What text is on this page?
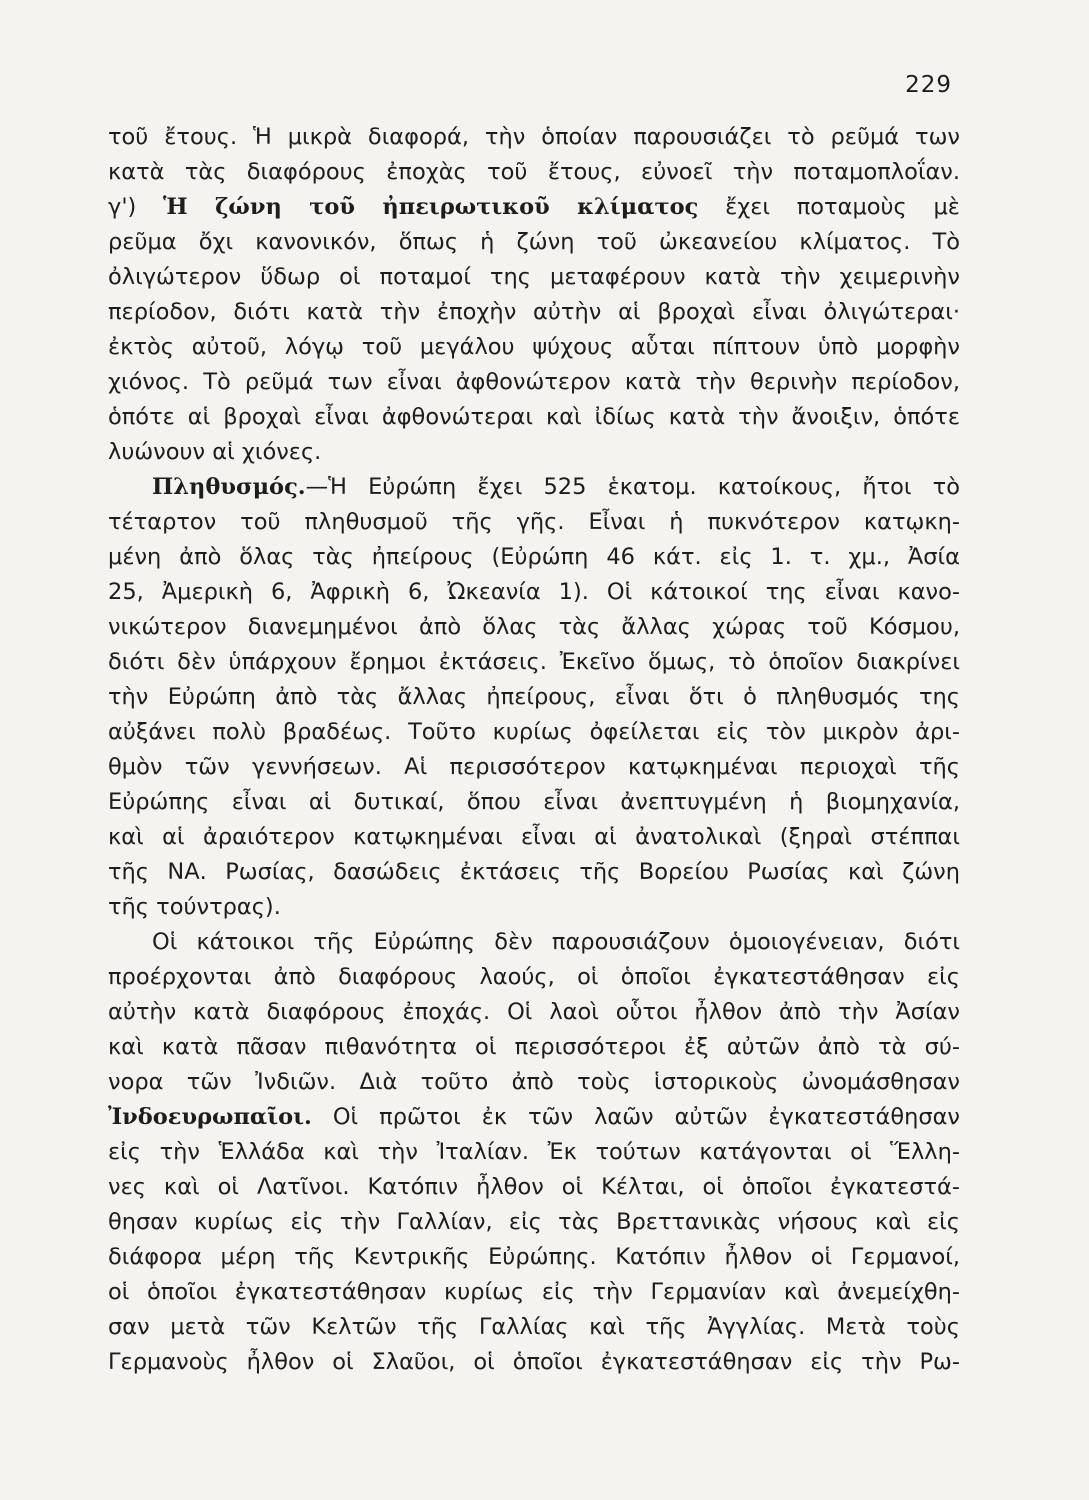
229
τοῦ ἔτους. Ἡ μικρὰ διαφορά, τὴν ὁποίαν παρουσιάζει τὸ ρεῦμά των
κατὰ τὰς διαφόρους ἐποχὰς τοῦ ἔτους, εὐνοεῖ τὴν ποταμοπλοΐαν.
γ') Ἡ ζώνη τοῦ ἠπειρωτικοῦ κλίματος ἔχει ποταμοὺς μὲ
ρεῦμα ὄχι κανονικόν, ὅπως ἡ ζώνη τοῦ ὠκεανείου κλίματος. Τὸ
ὀλιγώτερον ὕδωρ οἱ ποταμοί της μεταφέρουν κατὰ τὴν χειμερινὴν
περίοδον, διότι κατὰ τὴν ἐποχὴν αὐτὴν αἱ βροχαὶ εἶναι ὀλιγώτεραι·
ἐκτὸς αὐτοῦ, λόγῳ τοῦ μεγάλου ψύχους αὗται πίπτουν ὑπὸ μορφὴν
χιόνος. Τὸ ρεῦμά των εἶναι ἀφθονώτερον κατὰ τὴν θερινὴν περίοδον,
ὁπότε αἱ βροχαὶ εἶναι ἀφθονώτεραι καὶ ἰδίως κατὰ τὴν ἄνοιξιν, ὁπότε
λυώνουν αἱ χιόνες.
Πληθυσμός.—Ἡ Εὐρώπη ἔχει 525 ἑκατομ. κατοίκους, ἤτοι τὸ
τέταρτον τοῦ πληθυσμοῦ τῆς γῆς. Εἶναι ἡ πυκνότερον κατῳκη-
μένη ἀπὸ ὅλας τὰς ἠπείρους (Εὐρώπη 46 κάτ. εἰς 1. τ. χμ., Ἀσία
25, Ἀμερικὴ 6, Ἀφρικὴ 6, Ὠκεανία 1). Οἱ κάτοικοί της εἶναι κανο-
νικώτερον διανεμημένοι ἀπὸ ὅλας τὰς ἄλλας χώρας τοῦ Κόσμου,
διότι δὲν ὑπάρχουν ἔρημοι ἐκτάσεις. Ἐκεῖνο ὅμως, τὸ ὁποῖον διακρίνει
τὴν Εὐρώπη ἀπὸ τὰς ἄλλας ἠπείρους, εἶναι ὅτι ὁ πληθυσμός της
αὐξάνει πολὺ βραδέως. Τοῦτο κυρίως ὀφείλεται εἰς τὸν μικρὸν ἀρι-
θμὸν τῶν γεννήσεων. Αἱ περισσότερον κατῳκημέναι περιοχαὶ τῆς
Εὐρώπης εἶναι αἱ δυτικαί, ὅπου εἶναι ἀνεπτυγμένη ἡ βιομηχανία,
καὶ αἱ ἀραιότερον κατῳκημέναι εἶναι αἱ ἀνατολικαὶ (ξηραὶ στέππαι
τῆς ΝΑ. Ρωσίας, δασώδεις ἐκτάσεις τῆς Βορείου Ρωσίας καὶ ζώνη
τῆς τούντρας).
Οἱ κάτοικοι τῆς Εὐρώπης δὲν παρουσιάζουν ὁμοιογένειαν, διότι
προέρχονται ἀπὸ διαφόρους λαούς, οἱ ὁποῖοι ἐγκατεστάθησαν εἰς
αὐτὴν κατὰ διαφόρους ἐποχάς. Οἱ λαοὶ οὗτοι ἦλθον ἀπὸ τὴν Ἀσίαν
καὶ κατὰ πᾶσαν πιθανότητα οἱ περισσότεροι ἐξ αὐτῶν ἀπὸ τὰ σύ-
νορα τῶν Ἰνδιῶν. Διὰ τοῦτο ἀπὸ τοὺς ἱστορικοὺς ὠνομάσθησαν
Ἰνδοευρωπαῖοι. Οἱ πρῶτοι ἐκ τῶν λαῶν αὐτῶν ἐγκατεστάθησαν
εἰς τὴν Ἑλλάδα καὶ τὴν Ἰταλίαν. Ἐκ τούτων κατάγονται οἱ Ἕλλη-
νες καὶ οἱ Λατῖνοι. Κατόπιν ἦλθον οἱ Κέλται, οἱ ὁποῖοι ἐγκατεστά-
θησαν κυρίως εἰς τὴν Γαλλίαν, εἰς τὰς Βρεττανικὰς νήσους καὶ εἰς
διάφορα μέρη τῆς Κεντρικῆς Εὐρώπης. Κατόπιν ἦλθον οἱ Γερμανοί,
οἱ ὁποῖοι ἐγκατεστάθησαν κυρίως εἰς τὴν Γερμανίαν καὶ ἀνεμείχθη-
σαν μετὰ τῶν Κελτῶν τῆς Γαλλίας καὶ τῆς Ἀγγλίας. Μετὰ τοὺς
Γερμανοὺς ἦλθον οἱ Σλαῦοι, οἱ ὁποῖοι ἐγκατεστάθησαν εἰς τὴν Ρω-
